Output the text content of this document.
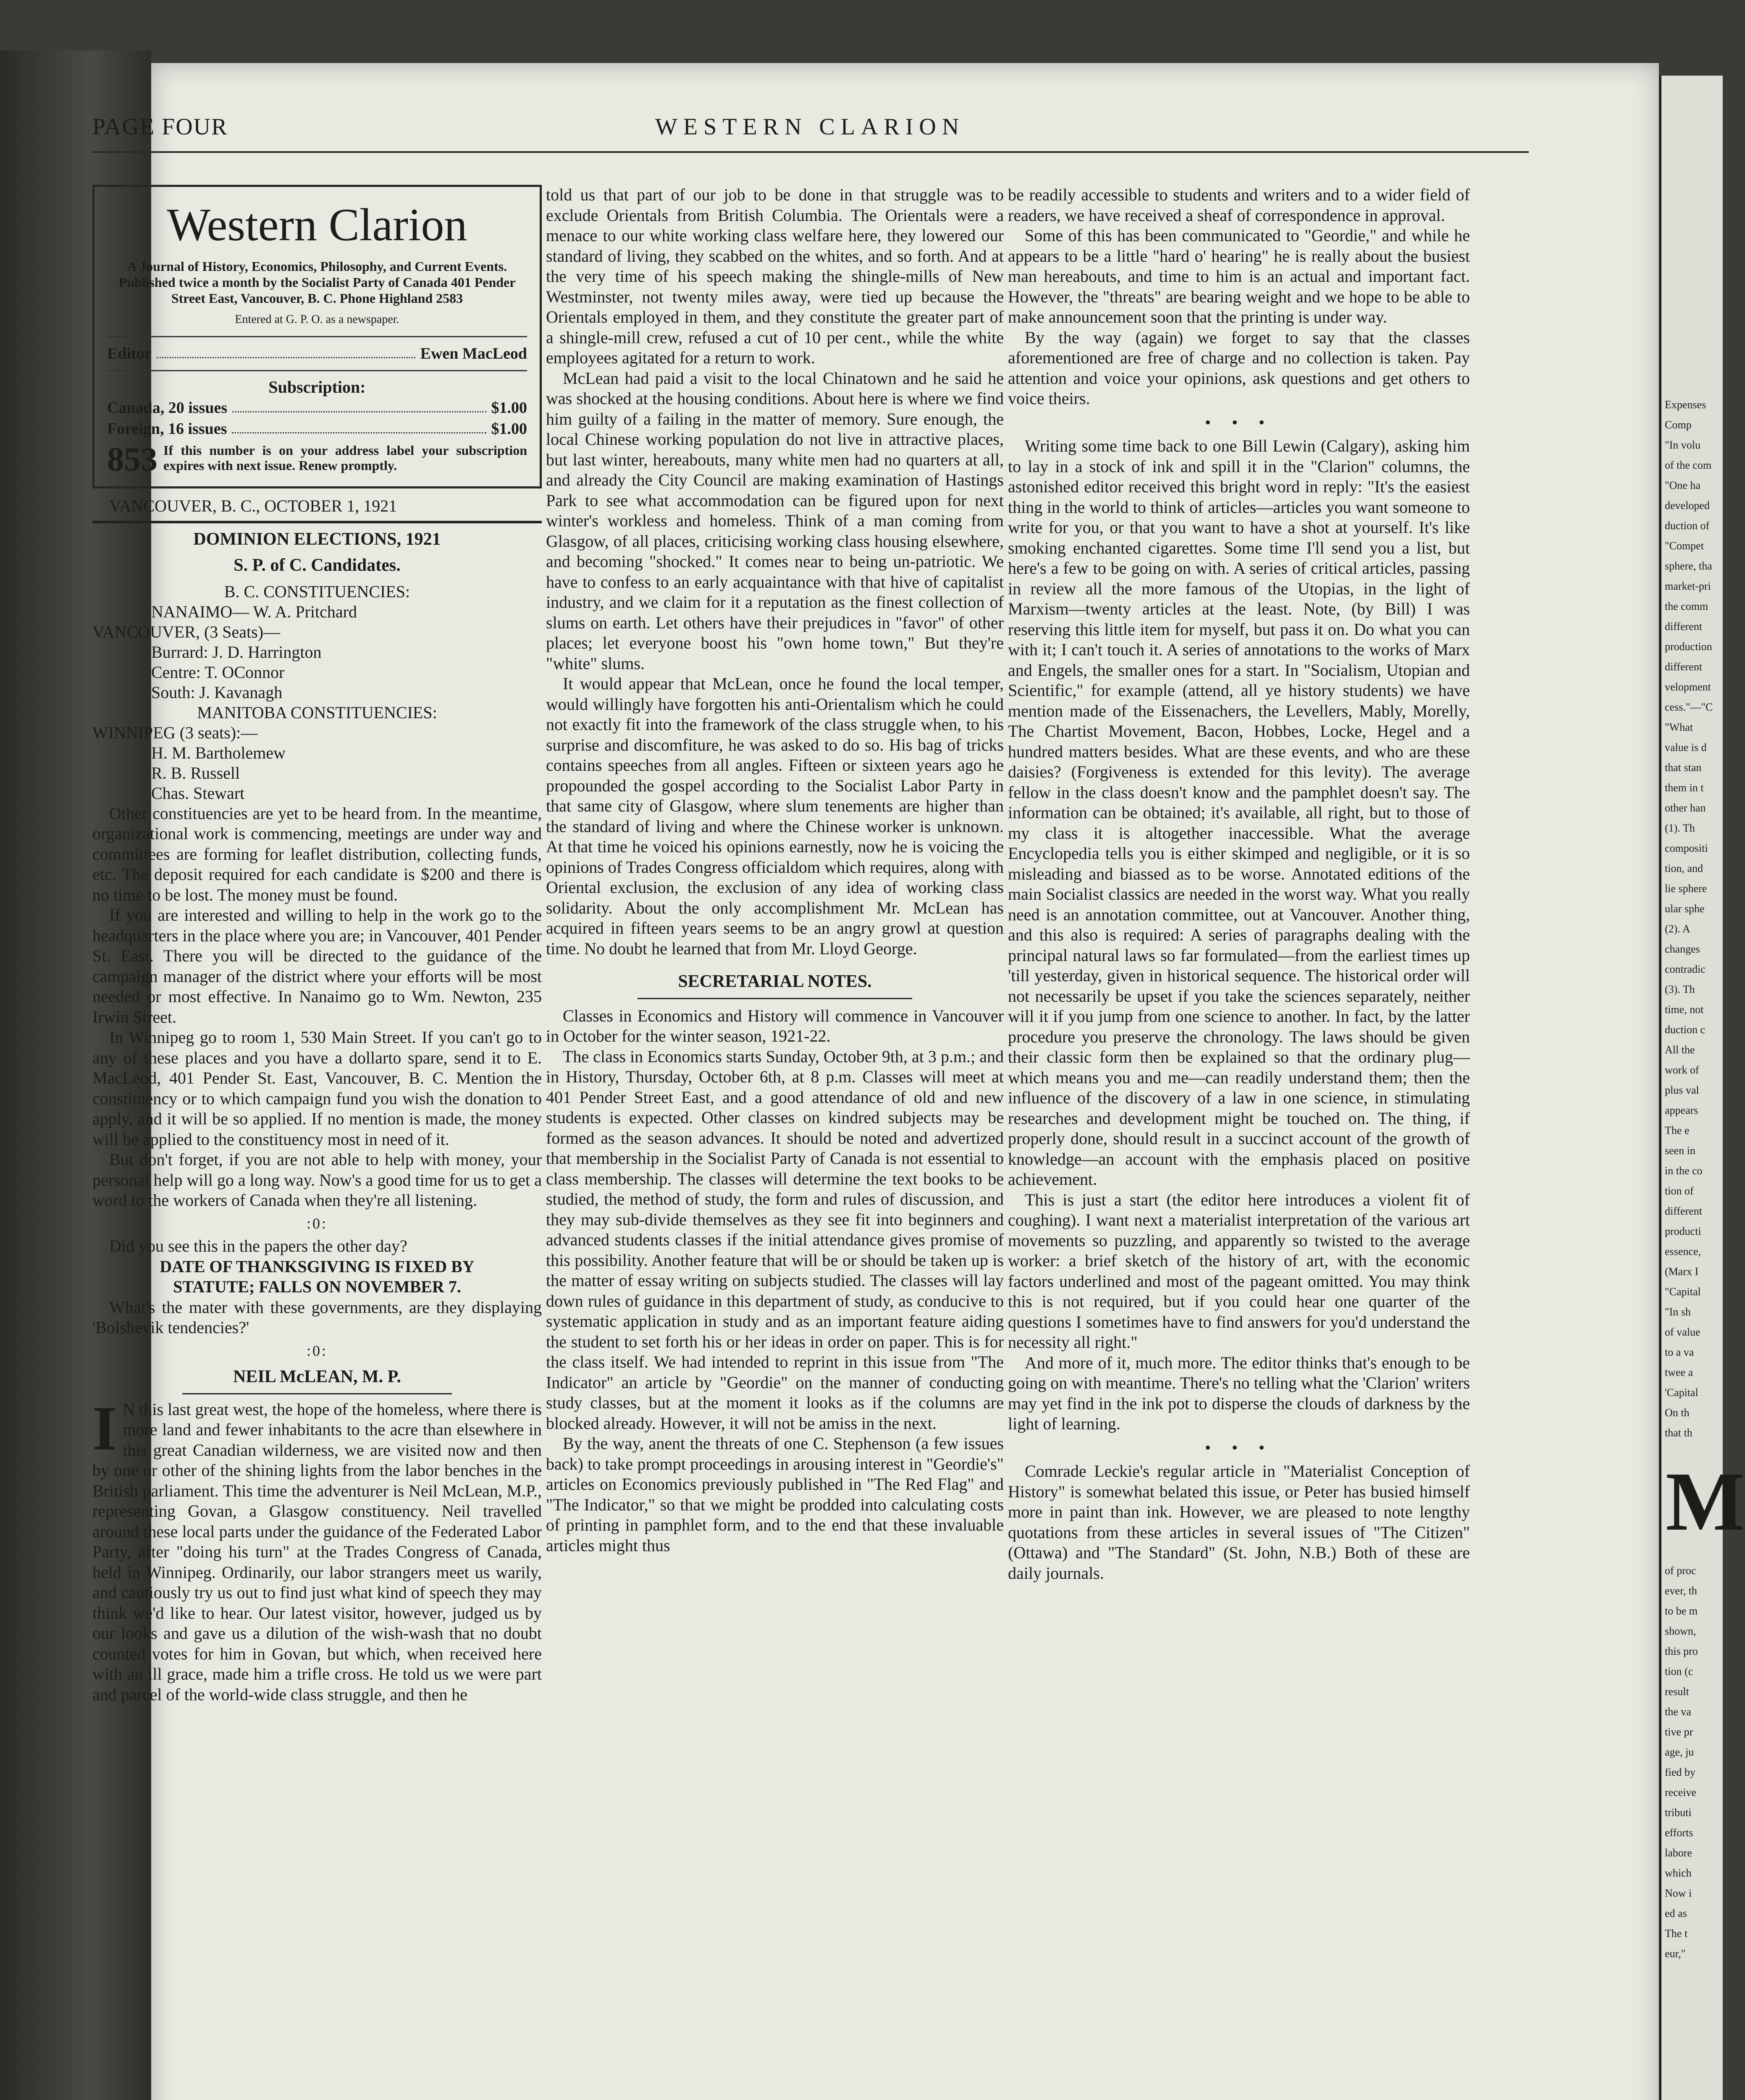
Expenses
Comp
"In volu
of the com
"One ha
developed
duction of
"Compet
sphere, tha
market-pri
the comm
different
production
different
velopment
cess."—"C
"What
value is d
that stan
them in t
other han
(1). Th
compositi
tion, and
lie sphere
ular sphe
(2). A
changes
contradic
(3). Th
time, not
duction c
All the
work of
plus val
appears
The e
seen in
in the co
tion of
different
producti
essence,
(Marx I
"Capital
"In sh
of value
to a va
twee a
'Capital
On th
that th
M
of proc
ever, th
to be m
shown,
this pro
tion (c
result
the va
tive pr
age, ju
fied by
receive
tributi
efforts
labore
which
Now i
ed as
The t
eur,"
PAGE FOUR	WESTERN CLARION
Western Clarion
A Journal of History, Economics, Philosophy, and Current Events.
Published twice a month by the Socialist Party of Canada 401 Pender Street East, Vancouver, B. C. Phone Highland 2583
Entered at G. P. O. as a newspaper.
Editor	Ewen MacLeod
Subscription:
Canada, 20 issues	$1.00
Foreign, 16 issues	$1.00
853 If this number is on your address label your subscription expires with next issue. Renew promptly.
VANCOUVER, B. C., OCTOBER 1, 1921
DOMINION ELECTIONS, 1921
S. P. of C. Candidates.
B. C. CONSTITUENCIES:
NANAIMO— W. A. Pritchard
VANCOUVER, (3 Seats)—
Burrard: J. D. Harrington
Centre: T. OConnor
South: J. Kavanagh
MANITOBA CONSTITUENCIES:
WINNIPEG (3 seats):—
H. M. Bartholemew
R. B. Russell
Chas. Stewart

Other constituencies are yet to be heard from. In the meantime, organizational work is commencing, meetings are under way and committees are forming for leaflet distribution, collecting funds, etc. The deposit required for each candidate is $200 and there is no time to be lost. The money must be found.

If you are interested and willing to help in the work go to the headquarters in the place where you are; in Vancouver, 401 Pender St. East. There you will be directed to the guidance of the campaign manager of the district where your efforts will be most needed or most effective. In Nanaimo go to Wm. Newton, 235 Irwin Street.

In Winnipeg go to room 1, 530 Main Street. If you can't go to any of these places and you have a dollarto spare, send it to E. MacLeod, 401 Pender St. East, Vancouver, B. C. Mention the constituency or to which campaign fund you wish the donation to apply, and it will be so applied. If no mention is made, the money will be applied to the constituency most in need of it.

But don't forget, if you are not able to help with money, your personal help will go a long way. Now's a good time for us to get a word to the workers of Canada when they're all listening.

:0:

Did you see this in the papers the other day?

DATE OF THANKSGIVING IS FIXED BY
STATUTE; FALLS ON NOVEMBER 7.

What's the mater with these governments, are they displaying 'Bolshevik tendencies?'

:0:
NEIL McLEAN, M. P.

I N this last great west, the hope of the homeless, where there is more land and fewer inhabitants to the acre than elsewhere in this great Canadian wilderness, we are visited now and then by one or other of the shining lights from the labor benches in the British parliament. This time the adventurer is Neil McLean, M.P., representing Govan, a Glasgow constituency. Neil travelled around these local parts under the guidance of the Federated Labor Party, after "doing his turn" at the Trades Congress of Canada, held in Winnipeg. Ordinarily, our labor strangers meet us warily, and cautiously try us out to find just what kind of speech they may think we'd like to hear. Our latest visitor, however, judged us by our looks and gave us a dilution of the wish-wash that no doubt counted votes for him in Govan, but which, when received here with an ill grace, made him a trifle cross. He told us we were part and parcel of the world-wide class struggle, and then he

told us that part of our job to be done in that struggle was to exclude Orientals from British Columbia. The Orientals were a menace to our white working class welfare here, they lowered our standard of living, they scabbed on the whites, and so forth. And at the very time of his speech making the shingle-mills of New Westminster, not twenty miles away, were tied up because the Orientals employed in them, and they constitute the greater part of a shingle-mill crew, refused a cut of 10 per cent., while the white employees agitated for a return to work.

McLean had paid a visit to the local Chinatown and he said he was shocked at the housing conditions. About here is where we find him guilty of a failing in the matter of memory. Sure enough, the local Chinese working population do not live in attractive places, but last winter, hereabouts, many white men had no quarters at all, and already the City Council are making examination of Hastings Park to see what accommodation can be figured upon for next winter's workless and homeless. Think of a man coming from Glasgow, of all places, criticising working class housing elsewhere, and becoming "shocked." It comes near to being un-patriotic. We have to confess to an early acquaintance with that hive of capitalist industry, and we claim for it a reputation as the finest collection of slums on earth. Let others have their prejudices in "favor" of other places; let everyone boost his "own home town," But they're "white" slums.

It would appear that McLean, once he found the local temper, would willingly have forgotten his anti-Orientalism which he could not exactly fit into the framework of the class struggle when, to his surprise and discomfiture, he was asked to do so. His bag of tricks contains speeches from all angles. Fifteen or sixteen years ago he propounded the gospel according to the Socialist Labor Party in that same city of Glasgow, where slum tenements are higher than the standard of living and where the Chinese worker is unknown. At that time he voiced his opinions earnestly, now he is voicing the opinions of Trades Congress officialdom which requires, along with Oriental exclusion, the exclusion of any idea of working class solidarity. About the only accomplishment Mr. McLean has acquired in fifteen years seems to be an angry growl at question time. No doubt he learned that from Mr. Lloyd George.

SECRETARIAL NOTES.

Classes in Economics and History will commence in Vancouver in October for the winter season, 1921-22.

The class in Economics starts Sunday, October 9th, at 3 p.m.; and in History, Thursday, October 6th, at 8 p.m. Classes will meet at 401 Pender Street East, and a good attendance of old and new students is expected. Other classes on kindred subjects may be formed as the season advances. It should be noted and advertized that membership in the Socialist Party of Canada is not essential to class membership. The classes will determine the text books to be studied, the method of study, the form and rules of discussion, and they may sub-divide themselves as they see fit into beginners and advanced students classes if the initial attendance gives promise of this possibility. Another feature that will be or should be taken up is the matter of essay writing on subjects studied. The classes will lay down rules of guidance in this department of study, as conducive to systematic application in study and as an important feature aiding the student to set forth his or her ideas in order on paper. This is for the class itself. We had intended to reprint in this issue from "The Indicator" an article by "Geordie" on the manner of conducting study classes, but at the moment it looks as if the columns are blocked already. However, it will not be amiss in the next.

By the way, anent the threats of one C. Stephenson (a few issues back) to take prompt proceedings in arousing interest in "Geordie's" articles on Economics previously published in "The Red Flag" and "The Indicator," so that we might be prodded into calculating costs of printing in pamphlet form, and to the end that these invaluable articles might thus

be readily accessible to students and writers and to a wider field of readers, we have received a sheaf of correspondence in approval.

Some of this has been communicated to "Geordie," and while he appears to be a little "hard o' hearing" he is really about the busiest man hereabouts, and time to him is an actual and important fact. However, the "threats" are bearing weight and we hope to be able to make announcement soon that the printing is under way.

By the way (again) we forget to say that the classes aforementioned are free of charge and no collection is taken. Pay attention and voice your opinions, ask questions and get others to voice theirs.

• • •

Writing some time back to one Bill Lewin (Calgary), asking him to lay in a stock of ink and spill it in the "Clarion" columns, the astonished editor received this bright word in reply: "It's the easiest thing in the world to think of articles—articles you want someone to write for you, or that you want to have a shot at yourself. It's like smoking enchanted cigarettes. Some time I'll send you a list, but here's a few to be going on with. A series of critical articles, passing in review all the more famous of the Utopias, in the light of Marxism—twenty articles at the least. Note, (by Bill) I was reserving this little item for myself, but pass it on. Do what you can with it; I can't touch it. A series of annotations to the works of Marx and Engels, the smaller ones for a start. In "Socialism, Utopian and Scientific," for example (attend, all ye history students) we have mention made of the Eissenachers, the Levellers, Mably, Morelly, The Chartist Movement, Bacon, Hobbes, Locke, Hegel and a hundred matters besides. What are these events, and who are these daisies? (Forgiveness is extended for this levity). The average fellow in the class doesn't know and the pamphlet doesn't say. The information can be obtained; it's available, all right, but to those of my class it is altogether inaccessible. What the average Encyclopedia tells you is either skimped and negligible, or it is so misleading and biassed as to be worse. Annotated editions of the main Socialist classics are needed in the worst way. What you really need is an annotation committee, out at Vancouver. Another thing, and this also is required: A series of paragraphs dealing with the principal natural laws so far formulated—from the earliest times up 'till yesterday, given in historical sequence. The historical order will not necessarily be upset if you take the sciences separately, neither will it if you jump from one science to another. In fact, by the latter procedure you preserve the chronology. The laws should be given their classic form then be explained so that the ordinary plug—which means you and me—can readily understand them; then the influence of the discovery of a law in one science, in stimulating researches and development might be touched on. The thing, if properly done, should result in a succinct account of the growth of knowledge—an account with the emphasis placed on positive achievement.

This is just a start (the editor here introduces a violent fit of coughing). I want next a materialist interpretation of the various art movements so puzzling, and apparently so twisted to the average worker: a brief sketch of the history of art, with the economic factors underlined and most of the pageant omitted. You may think this is not required, but if you could hear one quarter of the questions I sometimes have to find answers for you'd understand the necessity all right."

And more of it, much more. The editor thinks that's enough to be going on with meantime. There's no telling what the 'Clarion' writers may yet find in the ink pot to disperse the clouds of darkness by the light of learning.

• • •

Comrade Leckie's regular article in "Materialist Conception of History" is somewhat belated this issue, or Peter has busied himself more in paint than ink. However, we are pleased to note lengthy quotations from these articles in several issues of "The Citizen" (Ottawa) and "The Standard" (St. John, N.B.) Both of these are daily journals.
